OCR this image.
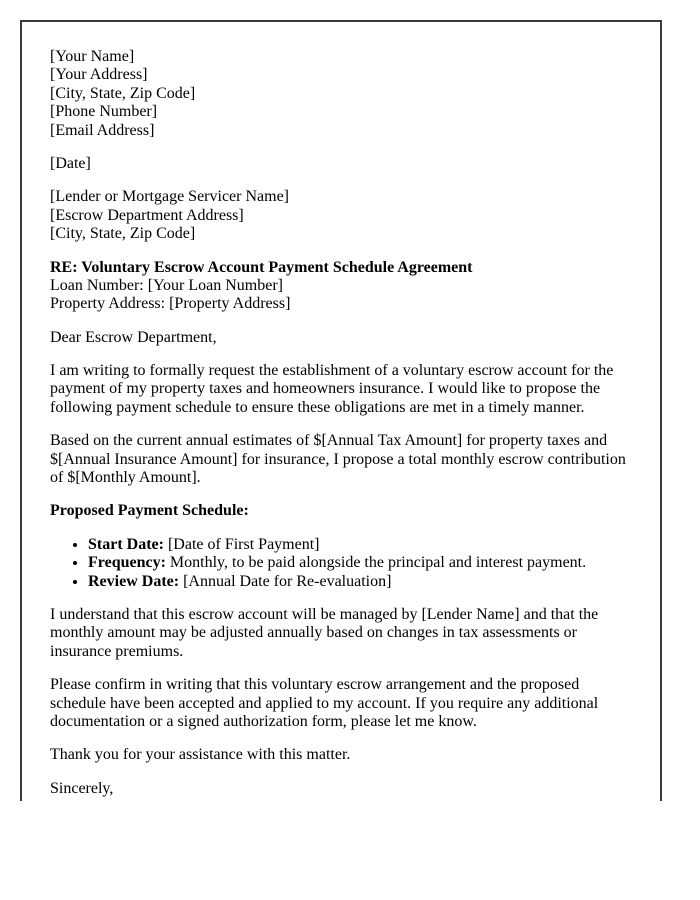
[Your Name]
[Your Address]
[City, State, Zip Code]
[Phone Number]
[Email Address]

[Date]

[Lender or Mortgage Servicer Name]
[Escrow Department Address]
[City, State, Zip Code]
RE: Voluntary Escrow Account Payment Schedule Agreement
Loan Number: [Your Loan Number]
Property Address: [Property Address]

Dear Escrow Department,

I am writing to formally request the establishment of a voluntary escrow account for the payment of my property taxes and homeowners insurance. I would like to propose the following payment schedule to ensure these obligations are met in a timely manner.

Based on the current annual estimates of $[Annual Tax Amount] for property taxes and $[Annual Insurance Amount] for insurance, I propose a total monthly escrow contribution of $[Monthly Amount].

Proposed Payment Schedule:

• Start Date: [Date of First Payment]
• Frequency: Monthly, to be paid alongside the principal and interest payment.
• Review Date: [Annual Date for Re-evaluation]

I understand that this escrow account will be managed by [Lender Name] and that the monthly amount may be adjusted annually based on changes in tax assessments or insurance premiums.

Please confirm in writing that this voluntary escrow arrangement and the proposed schedule have been accepted and applied to my account. If you require any additional documentation or a signed authorization form, please let me know.

Thank you for your assistance with this matter.

Sincerely,
